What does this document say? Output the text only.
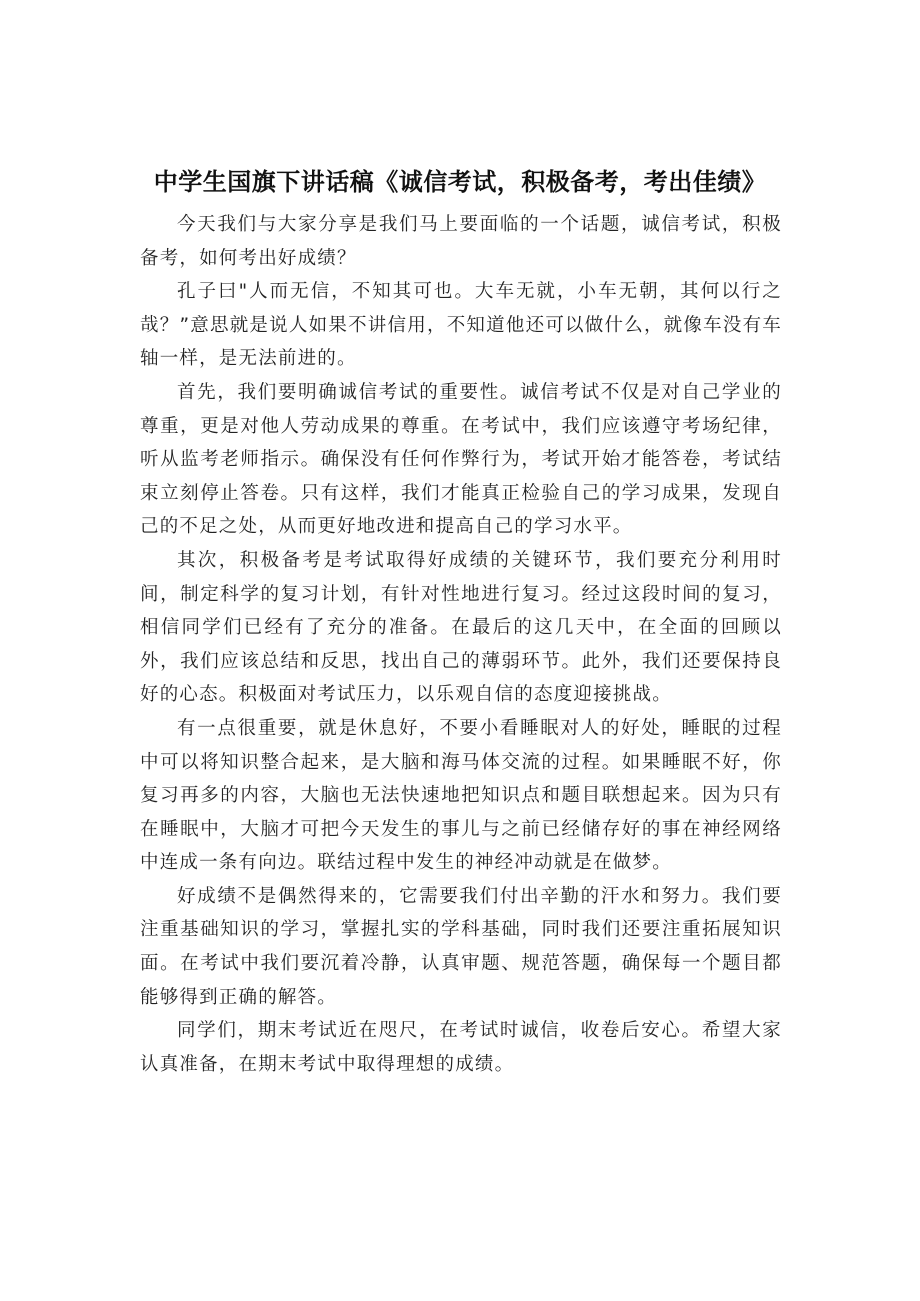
中学生国旗下讲话稿《诚信考试，积极备考，考出佳绩》

今天我们与大家分享是我们马上要面临的一个话题，诚信考试，积极备考，如何考出好成绩？

孔子曰"人而无信，不知其可也。大车无就，小车无朝，其何以行之哉？”意思就是说人如果不讲信用，不知道他还可以做什么，就像车没有车轴一样，是无法前进的。

首先，我们要明确诚信考试的重要性。诚信考试不仅是对自己学业的尊重，更是对他人劳动成果的尊重。在考试中，我们应该遵守考场纪律，听从监考老师指示。确保没有任何作弊行为，考试开始才能答卷，考试结束立刻停止答卷。只有这样，我们才能真正检验自己的学习成果，发现自己的不足之处，从而更好地改进和提高自己的学习水平。

其次，积极备考是考试取得好成绩的关键环节，我们要充分利用时间，制定科学的复习计划，有针对性地进行复习。经过这段时间的复习，相信同学们已经有了充分的准备。在最后的这几天中，在全面的回顾以外，我们应该总结和反思，找出自己的薄弱环节。此外，我们还要保持良好的心态。积极面对考试压力，以乐观自信的态度迎接挑战。

有一点很重要，就是休息好，不要小看睡眠对人的好处，睡眠的过程中可以将知识整合起来，是大脑和海马体交流的过程。如果睡眠不好，你复习再多的内容，大脑也无法快速地把知识点和题目联想起来。因为只有在睡眠中，大脑才可把今天发生的事儿与之前已经储存好的事在神经网络中连成一条有向边。联结过程中发生的神经冲动就是在做梦。

好成绩不是偶然得来的，它需要我们付出辛勤的汗水和努力。我们要注重基础知识的学习，掌握扎实的学科基础，同时我们还要注重拓展知识面。在考试中我们要沉着冷静，认真审题、规范答题，确保每一个题目都能够得到正确的解答。

同学们，期末考试近在咫尺，在考试时诚信，收卷后安心。希望大家认真准备，在期末考试中取得理想的成绩。
